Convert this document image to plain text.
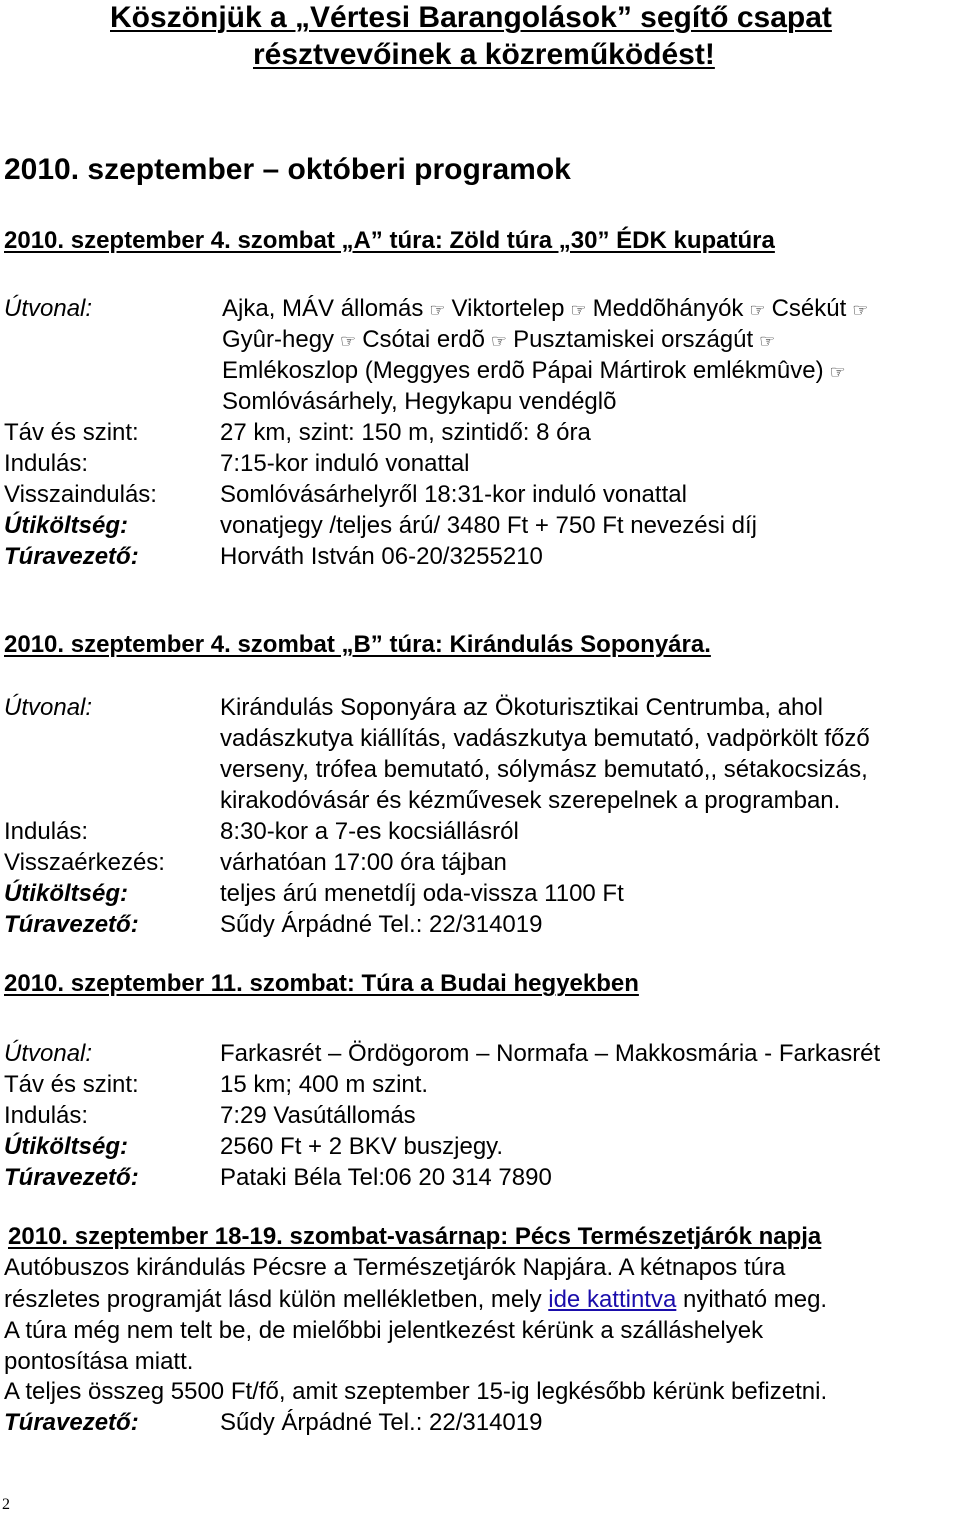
Köszönjük a „Vértesi Barangolások” segítő csapat
résztvevőinek a közreműködést!
2010. szeptember – októberi programok
2010. szeptember 4. szombat „A” túra: Zöld túra „30” ÉDK kupatúra
Útvonal:	Ajka, MÁV állomás ☞ Viktortelep ☞ Meddõhányók ☞ Csékút ☞
Gyûr-hegy ☞ Csótai erdõ ☞ Pusztamiskei országút ☞
Emlékoszlop (Meggyes erdõ Pápai Mártirok emlékmûve) ☞
Somlóvásárhely, Hegykapu vendéglõ
Táv és szint:	27 km, szint: 150 m, szintidő: 8 óra
Indulás:	7:15-kor induló vonattal
Visszaindulás:	Somlóvásárhelyről 18:31-kor induló vonattal
Útiköltség:	vonatjegy /teljes árú/ 3480 Ft + 750 Ft nevezési díj
Túravezető:	Horváth István 06-20/3255210
2010. szeptember 4. szombat „B” túra: Kirándulás Soponyára.
Útvonal:	Kirándulás Soponyára az Ökoturisztikai Centrumba, ahol
vadászkutya kiállítás, vadászkutya bemutató, vadpörkölt főző
verseny, trófea bemutató, sólymász bemutató,, sétakocsizás,
kirakodóvásár és kézművesek szerepelnek a programban.
Indulás:	8:30-kor a 7-es kocsiállásról
Visszaérkezés: várhatóan 17:00 óra tájban
Útiköltség:	teljes árú menetdíj oda-vissza 1100 Ft
Túravezető:	Sűdy Árpádné Tel.: 22/314019
2010. szeptember 11. szombat: Túra a Budai hegyekben
Útvonal:	Farkasrét – Ördögorom – Normafa – Makkosmária - Farkasrét
Táv és szint:	15 km; 400 m szint.
Indulás:	7:29 Vasútállomás
Útiköltség:	2560 Ft + 2 BKV buszjegy.
Túravezető:	Pataki Béla Tel:06 20 314 7890
2010. szeptember 18-19. szombat-vasárnap: Pécs Természetjárók napja
Autóbuszos kirándulás Pécsre a Természetjárók Napjára. A kétnapos túra
részletes programját lásd külön mellékletben, mely ide kattintva nyitható meg.
A túra még nem telt be, de mielőbbi jelentkezést kérünk a szálláshelyek
pontosítása miatt.
A teljes összeg 5500 Ft/fő, amit szeptember 15-ig legkésőbb kérünk befizetni.
Túravezető:	Sűdy Árpádné Tel.: 22/314019
2
